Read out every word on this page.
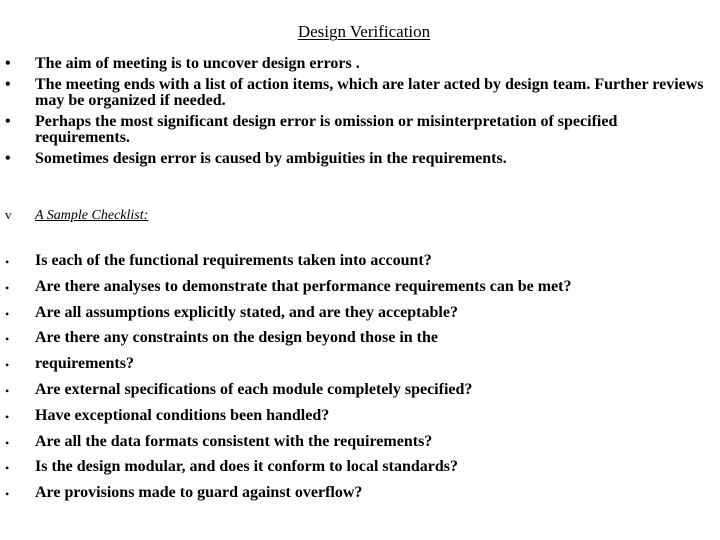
Design Verification
• The aim of meeting is to uncover design errors .
• The meeting ends with a list of action items, which are later acted by design team. Further reviews may be organized if needed.
• Perhaps the most significant design error is omission or misinterpretation of specified requirements.
• Sometimes design error is caused by ambiguities in the requirements.
v A Sample Checklist:
• Is each of the functional requirements taken into account?
• Are there analyses to demonstrate that performance requirements can be met?
• Are all assumptions explicitly stated, and are they acceptable?
• Are there any constraints on the design beyond those in the
• requirements?
• Are external specifications of each module completely specified?
• Have exceptional conditions been handled?
• Are all the data formats consistent with the requirements?
• Is the design modular, and does it conform to local standards?
• Are provisions made to guard against overflow?
